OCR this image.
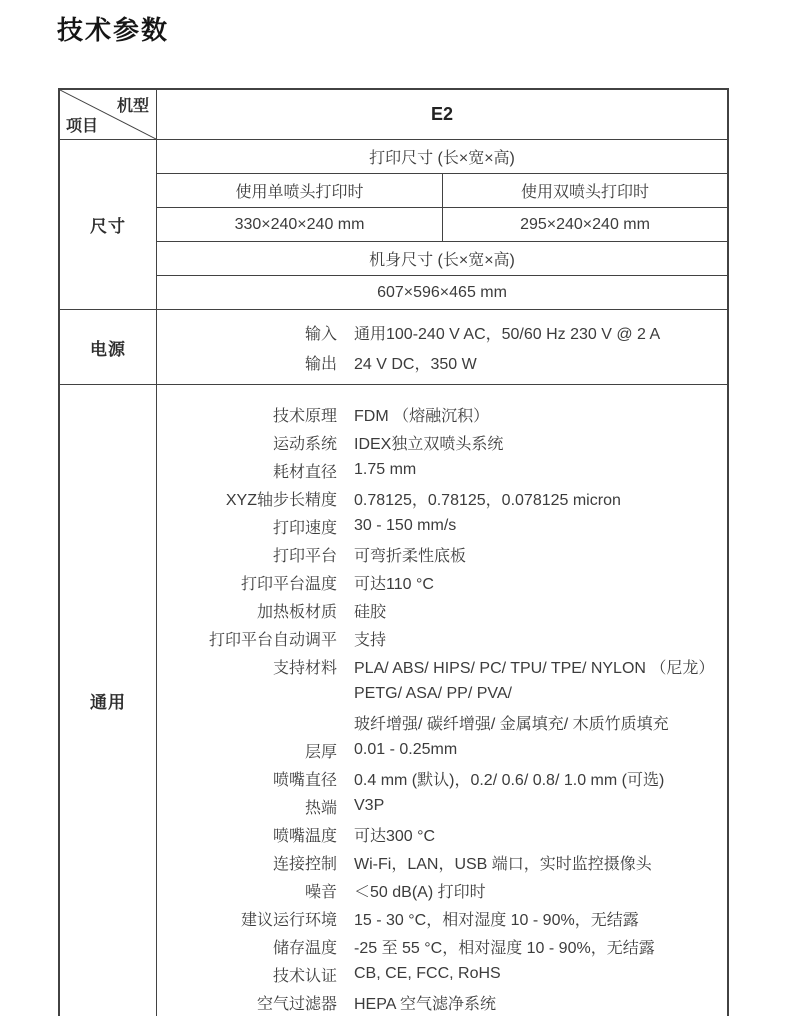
技术参数
机型
项目
E2
尺寸
打印尺寸 (长×宽×高)
使用单喷头打印时	使用双喷头打印时
330×240×240 mm	295×240×240 mm
机身尺寸 (长×宽×高)
607×596×465 mm
电源
输入 通用100-240 V AC，50/60 Hz 230 V @ 2 A
输出 24 V DC，350 W
通用
技术原理 FDM （熔融沉积）
运动系统 IDEX独立双喷头系统
耗材直径 1.75 mm
XYZ轴步长精度 0.78125，0.78125，0.078125 micron
打印速度 30 - 150 mm/s
打印平台 可弯折柔性底板
打印平台温度 可达110 °C
加热板材质 硅胶
打印平台自动调平 支持
支持材料 PLA/ ABS/ HIPS/ PC/ TPU/ TPE/ NYLON （尼龙）
PETG/ ASA/ PP/ PVA/
玻纤增强/ 碳纤增强/ 金属填充/ 木质竹质填充
层厚 0.01 - 0.25mm
喷嘴直径 0.4 mm (默认)，0.2/ 0.6/ 0.8/ 1.0 mm (可选)
热端 V3P
喷嘴温度 可达300 °C
连接控制 Wi-Fi，LAN，USB 端口，实时监控摄像头
噪音 ＜50 dB(A) 打印时
建议运行环境 15 - 30 °C，相对湿度 10 - 90%，无结露
储存温度 -25 至 55 °C，相对湿度 10 - 90%，无结露
技术认证 CB, CE, FCC, RoHS
空气过滤器 HEPA 空气滤净系统
